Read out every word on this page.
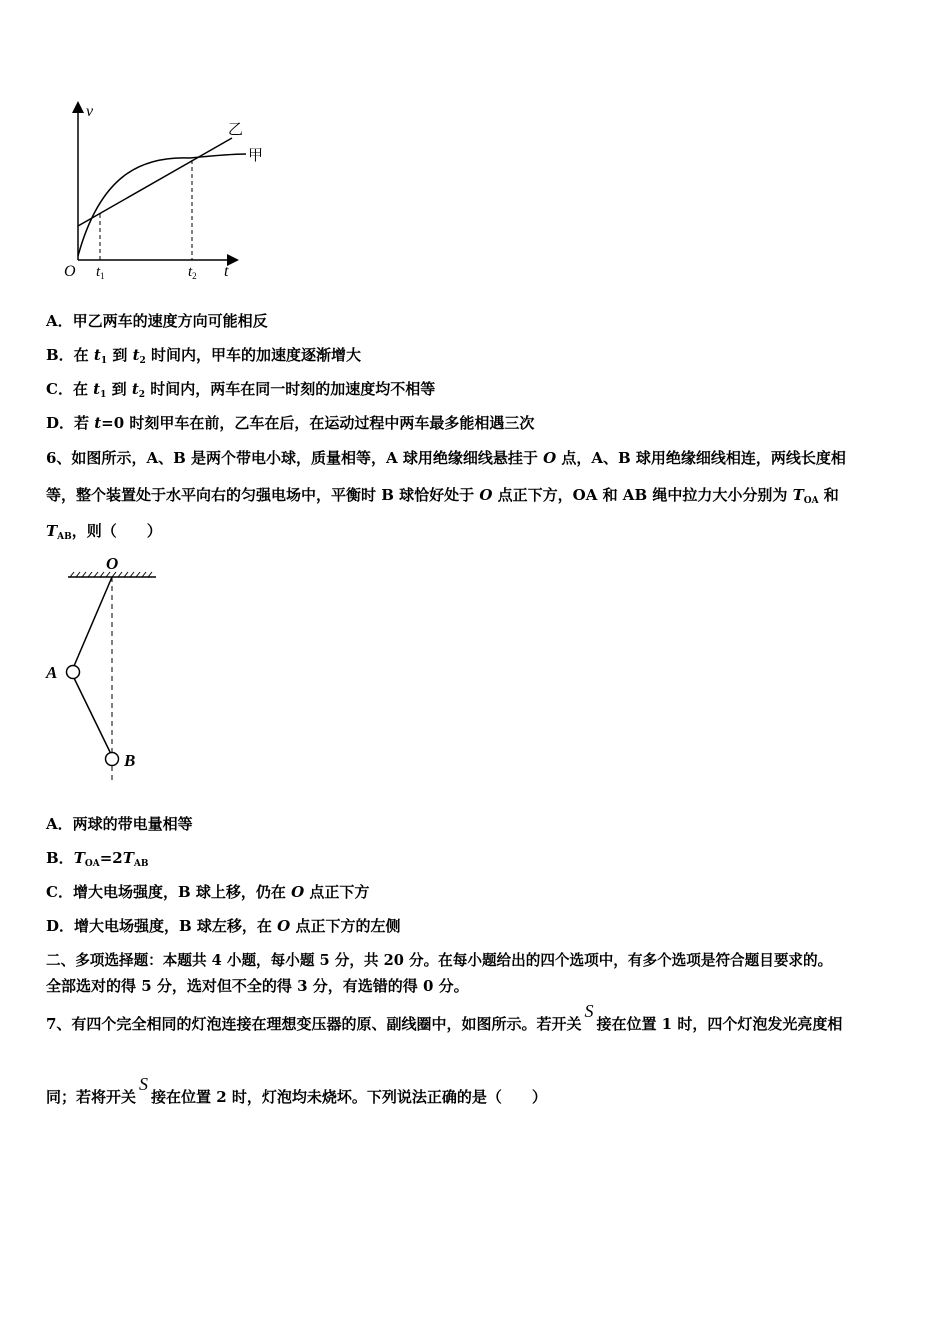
v
t
O
乙
甲
$t_1$	$t_2$
A．甲乙两车的速度方向可能相反
B．在 $t_1$ 到 $t_2$ 时间内，甲车的加速度逐渐增大
C．在 $t_1$ 到 $t_2$ 时间内，两车在同一时刻的加速度均不相等
D．若 t=0 时刻甲车在前，乙车在后，在运动过程中两车最多能相遇三次
6、如图所示，A、B 是两个带电小球，质量相等，A 球用绝缘细线悬挂于 O 点，A、B 球用绝缘细线相连，两线长度相
等，整个装置处于水平向右的匀强电场中，平衡时 B 球恰好处于 O 点正下方，OA 和 AB 绳中拉力大小分别为 $T_{OA}$ 和
$T_{AB}$，则（　　）
O
A
B
A．两球的带电量相等
B．$T_{OA}=2T_{AB}$
C．增大电场强度，B 球上移，仍在 O 点正下方
D．增大电场强度，B 球左移，在 O 点正下方的左侧
二、多项选择题：本题共 4 小题，每小题 5 分，共 20 分。在每小题给出的四个选项中，有多个选项是符合题目要求的。
全部选对的得 5 分，选对但不全的得 3 分，有选错的得 0 分。
7、有四个完全相同的灯泡连接在理想变压器的原、副线圈中，如图所示。若开关S接在位置 1 时，四个灯泡发光亮度相
同；若将开关S接在位置 2 时，灯泡均未烧坏。下列说法正确的是（　　）
